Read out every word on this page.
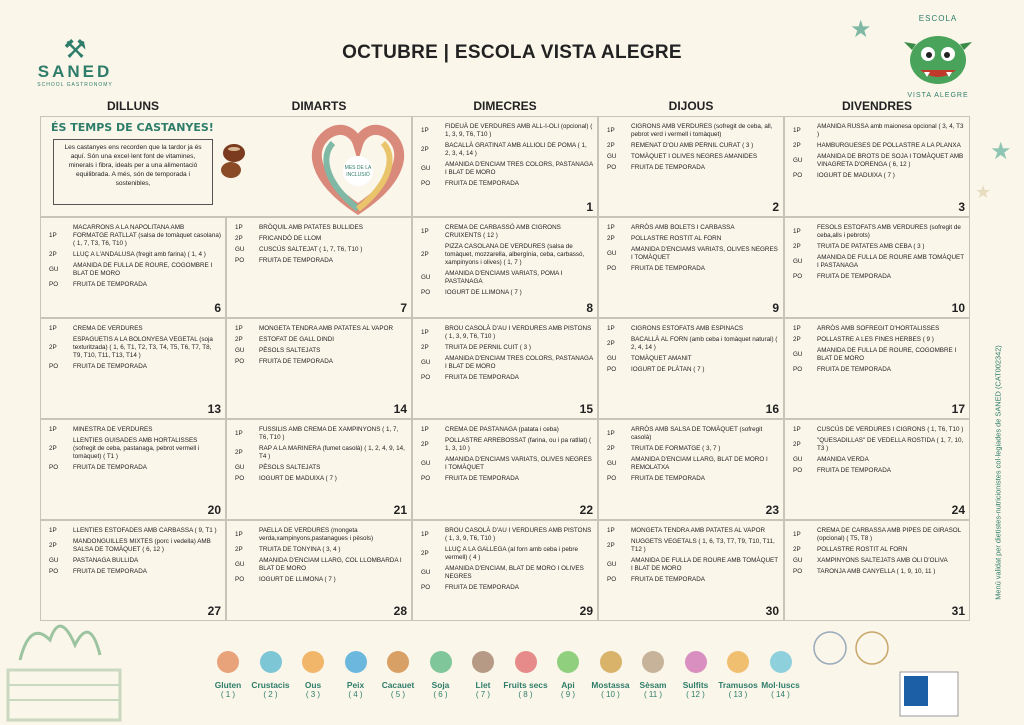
⚒
SANED
SCHOOL GASTRONOMY
OCTUBRE | ESCOLA VISTA ALEGRE
ESCOLA
VISTA ALEGRE
★
★
★
DILLUNS	DIMARTS	DIMECRES	DIJOUS	DIVENDRES
ÉS TEMPS DE CASTANYES!
Les castanyes ens recorden que la tardor ja és aquí. Són una excel·lent font de vitamines, minerals i fibra, ideals per a una alimentació equilibrada. A més, són de temporada i sostenibles,
MES DE LA
INCLUSIÓ
1P
FIDEUÀ DE VERDURES AMB ALL-I-OLI (opcional) ( 1, 3, 9, T6, T10 )
2P
BACALLÀ GRATINAT AMB ALLIOLI DE POMA ( 1, 2, 3, 4, 14 )
GU
AMANIDA D'ENCIAM TRES COLORS, PASTANAGA I BLAT DE MORO
PO	FRUITA DE TEMPORADA
1
1P
CIGRONS AMB VERDURES (sofregit de ceba, all, pebrot verd i vermell i tomàquet)
2P	REMENAT D'OU AMB PERNIL CURAT ( 3 )
GU	TOMÀQUET I OLIVES NEGRES AMANIDES
PO	FRUITA DE TEMPORADA
2
1P
AMANIDA RUSSA amb maionesa opcional ( 3, 4, T3 )
2P	HAMBURGUESES DE POLLASTRE A LA PLANXA
GU
AMANIDA DE BROTS DE SOJA I TOMÀQUET AMB VINAGRETA D'ORENGA ( 6, 12 )
PO	IOGURT DE MADUIXA ( 7 )
3
1P
MACARRONS A LA NAPOLITANA AMB FORMATGE RATLLAT (salsa de tomàquet casolana) ( 1, 7, T3, T6, T10 )
2P	LLUÇ A L'ANDALUSA (fregit amb farina) ( 1, 4 )
GU
AMANIDA DE FULLA DE ROURE, COGOMBRE I BLAT DE MORO
PO	FRUITA DE TEMPORADA
6
1P	BRÒQUIL AMB PATATES BULLIDES
2P	FRICANDÓ DE LLOM
GU	CUSCÚS SALTEJAT ( 1, 7, T6, T10 )
PO	FRUITA DE TEMPORADA
7
1P
CREMA DE CARBASSÓ AMB CIGRONS CRUIXENTS ( 12 )
2P
PIZZA CASOLANA DE VERDURES (salsa de tomàquet, mozzarella, albergínia, ceba, carbassó, xampinyons i olives) ( 1, 7 )
GU
AMANIDA D'ENCIAMS VARIATS, POMA I PASTANAGA
PO	IOGURT DE LLIMONA ( 7 )
8
1P	ARRÒS AMB BOLETS I CARBASSA
2P	POLLASTRE ROSTIT AL FORN
GU
AMANIDA D'ENCIAMS VARIATS, OLIVES NEGRES I TOMÀQUET
PO	FRUITA DE TEMPORADA
9
1P
FESOLS ESTOFATS AMB VERDURES (sofregit de ceba,alls i pebrots)
2P	TRUITA DE PATATES AMB CEBA ( 3 )
GU
AMANIDA DE FULLA DE ROURE AMB TOMÀQUET I PASTANAGA
PO	FRUITA DE TEMPORADA
10
1P	CREMA DE VERDURES
2P
ESPAGUETIS A LA BOLONYESA VEGETAL (soja texturitzada) ( 1, 6, T1, T2, T3, T4, T5, T6, T7, T8, T9, T10, T11, T13, T14 )
PO	FRUITA DE TEMPORADA
13
1P	MONGETA TENDRA AMB PATATES AL VAPOR
2P	ESTOFAT DE GALL DINDI
GU	PÈSOLS SALTEJATS
PO	FRUITA DE TEMPORADA
14
1P
BROU CASOLÀ D'AU I VERDURES AMB PISTONS ( 1, 3, 9, T6, T10 )
2P	TRUITA DE PERNIL CUIT ( 3 )
GU
AMANIDA D'ENCIAM TRES COLORS, PASTANAGA I BLAT DE MORO
PO	FRUITA DE TEMPORADA
15
1P	CIGRONS ESTOFATS AMB ESPINACS
2P
BACALLÀ AL FORN (amb ceba i tomàquet natural) ( 2, 4, 14 )
GU	TOMÀQUET AMANIT
PO	IOGURT DE PLÀTAN ( 7 )
16
1P	ARRÒS AMB SOFREGIT D'HORTALISSES
2P	POLLASTRE A LES FINES HERBES ( 9 )
GU
AMANIDA DE FULLA DE ROURE, COGOMBRE I BLAT DE MORO
PO	FRUITA DE TEMPORADA
17
1P	MINESTRA DE VERDURES
2P
LLENTIES GUISADES AMB HORTALISSES (sofregit de ceba, pastanaga, pebrot vermell i tomàquet) ( T1 )
PO	FRUITA DE TEMPORADA
20
1P
FUSSILIS AMB CREMA DE XAMPINYONS ( 1, 7, T6, T10 )
2P
RAP A LA MARINERA (fumet casolà) ( 1, 2, 4, 9, 14, T4 )
GU	PÈSOLS SALTEJATS
PO	IOGURT DE MADUIXA ( 7 )
21
1P	CREMA DE PASTANAGA (patata i ceba)
2P
POLLASTRE ARREBOSSAT (farina, ou i pa ratllat) ( 1, 3, 10 )
GU
AMANIDA D'ENCIAMS VARIATS, OLIVES NEGRES I TOMÀQUET
PO	FRUITA DE TEMPORADA
22
1P
ARRÒS AMB SALSA DE TOMÀQUET (sofregit casolà)
2P	TRUITA DE FORMATGE ( 3, 7 )
GU
AMANIDA D'ENCIAM LLARG, BLAT DE MORO I REMOLATXA
PO	FRUITA DE TEMPORADA
23
1P	CUSCÚS DE VERDURES I CIGRONS ( 1, T6, T10 )
2P
"QUESADILLAS" DE VEDELLA ROSTIDA ( 1, 7, 10, T3 )
GU	AMANIDA VERDA
PO	FRUITA DE TEMPORADA
24
1P	LLENTIES ESTOFADES AMB CARBASSA ( 9, T1 )
2P
MANDONGUILLES MIXTES (porc i vedella) AMB SALSA DE TOMÀQUET ( 6, 12 )
GU	PASTANAGA BULLIDA
PO	FRUITA DE TEMPORADA
27
1P
PAELLA DE VERDURES (mongeta verda,xampinyons,pastanagues i pèsols)
2P	TRUITA DE TONYINA ( 3, 4 )
GU
AMANIDA D'ENCIAM LLARG, COL LLOMBARDA I BLAT DE MORO
PO	IOGURT DE LLIMONA ( 7 )
28
1P
BROU CASOLÀ D'AU I VERDURES AMB PISTONS ( 1, 3, 9, T6, T10 )
2P
LLUÇ A LA GALLEGA (al forn amb ceba i pebre vermell) ( 4 )
GU
AMANIDA D'ENCIAM, BLAT DE MORO I OLIVES NEGRES
PO	FRUITA DE TEMPORADA
29
1P	MONGETA TENDRA AMB PATATES AL VAPOR
2P
NUGGETS VEGETALS ( 1, 6, T3, T7, T9, T10, T11, T12 )
GU
AMANIDA DE FULLA DE ROURE AMB TOMÀQUET I BLAT DE MORO
PO	FRUITA DE TEMPORADA
30
1P
CREMA DE CARBASSA AMB PIPES DE GIRASOL (opcional) ( T5, T8 )
2P	POLLASTRE ROSTIT AL FORN
GU	XAMPINYONS SALTEJATS AMB OLI D'OLIVA
PO	TARONJA AMB CANYELLA ( 1, 9, 10, 11 )
31
Menú validat per dietistes-nutricionistes col·legiades de SANED (CAT002342)
Gluten
( 1 )
Crustacis
( 2 )
Ous
( 3 )
Peix
( 4 )
Cacauet
( 5 )
Soja
( 6 )
Llet
( 7 )
Fruits secs
( 8 )
Api
( 9 )
Mostassa
( 10 )
Sèsam
( 11 )
Sulfits
( 12 )
Tramusos
( 13 )
Mol·luscs
( 14 )
